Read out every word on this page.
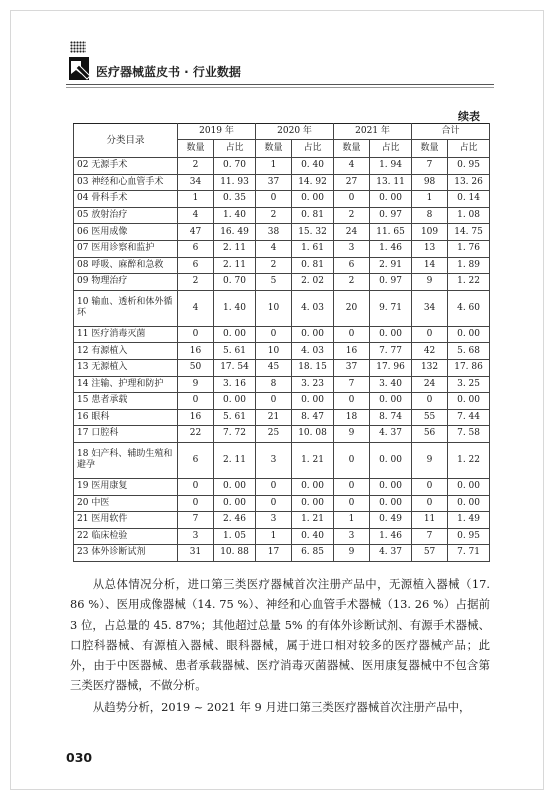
医疗器械蓝皮书 · 行业数据
续表
分类目录	2019 年		2020 年		2021 年		合计	
	数量	占比	数量	占比	数量	占比	数量	占比
02 无源手术	2	0. 70	1	0. 40	4	1. 94	7	0. 95
03 神经和心血管手术	34	11. 93	37	14. 92	27	13. 11	98	13. 26
04 骨科手术	1	0. 35	0	0. 00	0	0. 00	1	0. 14
05 放射治疗	4	1. 40	2	0. 81	2	0. 97	8	1. 08
06 医用成像	47	16. 49	38	15. 32	24	11. 65	109	14. 75
07 医用诊察和监护	6	2. 11	4	1. 61	3	1. 46	13	1. 76
08 呼吸、麻醉和急救	6	2. 11	2	0. 81	6	2. 91	14	1. 89
09 物理治疗	2	0. 70	5	2. 02	2	0. 97	9	1. 22
10 输血、透析和体外循环	4	1. 40	10	4. 03	20	9. 71	34	4. 60
11 医疗消毒灭菌	0	0. 00	0	0. 00	0	0. 00	0	0. 00
12 有源植入	16	5. 61	10	4. 03	16	7. 77	42	5. 68
13 无源植入	50	17. 54	45	18. 15	37	17. 96	132	17. 86
14 注输、护理和防护	9	3. 16	8	3. 23	7	3. 40	24	3. 25
15 患者承载	0	0. 00	0	0. 00	0	0. 00	0	0. 00
16 眼科	16	5. 61	21	8. 47	18	8. 74	55	7. 44
17 口腔科	22	7. 72	25	10. 08	9	4. 37	56	7. 58
18 妇产科、辅助生殖和避孕	6	2. 11	3	1. 21	0	0. 00	9	1. 22
19 医用康复	0	0. 00	0	0. 00	0	0. 00	0	0. 00
20 中医	0	0. 00	0	0. 00	0	0. 00	0	0. 00
21 医用软件	7	2. 46	3	1. 21	1	0. 49	11	1. 49
22 临床检验	3	1. 05	1	0. 40	3	1. 46	7	0. 95
23 体外诊断试剂	31	10. 88	17	6. 85	9	4. 37	57	7. 71

从总体情况分析，进口第三类医疗器械首次注册产品中，无源植入器械（17. 86 %）、医用成像器械（14. 75 %）、神经和心血管手术器械（13. 26 %）占据前 3 位，占总量的 45. 87%；其他超过总量 5% 的有体外诊断试剂、有源手术器械、口腔科器械、有源植入器械、眼科器械，属于进口相对较多的医疗器械产品；此外，由于中医器械、患者承载器械、医疗消毒灭菌器械、医用康复器械中不包含第三类医疗器械，不做分析。

从趋势分析，2019 ~ 2021 年 9 月进口第三类医疗器械首次注册产品中，

030
